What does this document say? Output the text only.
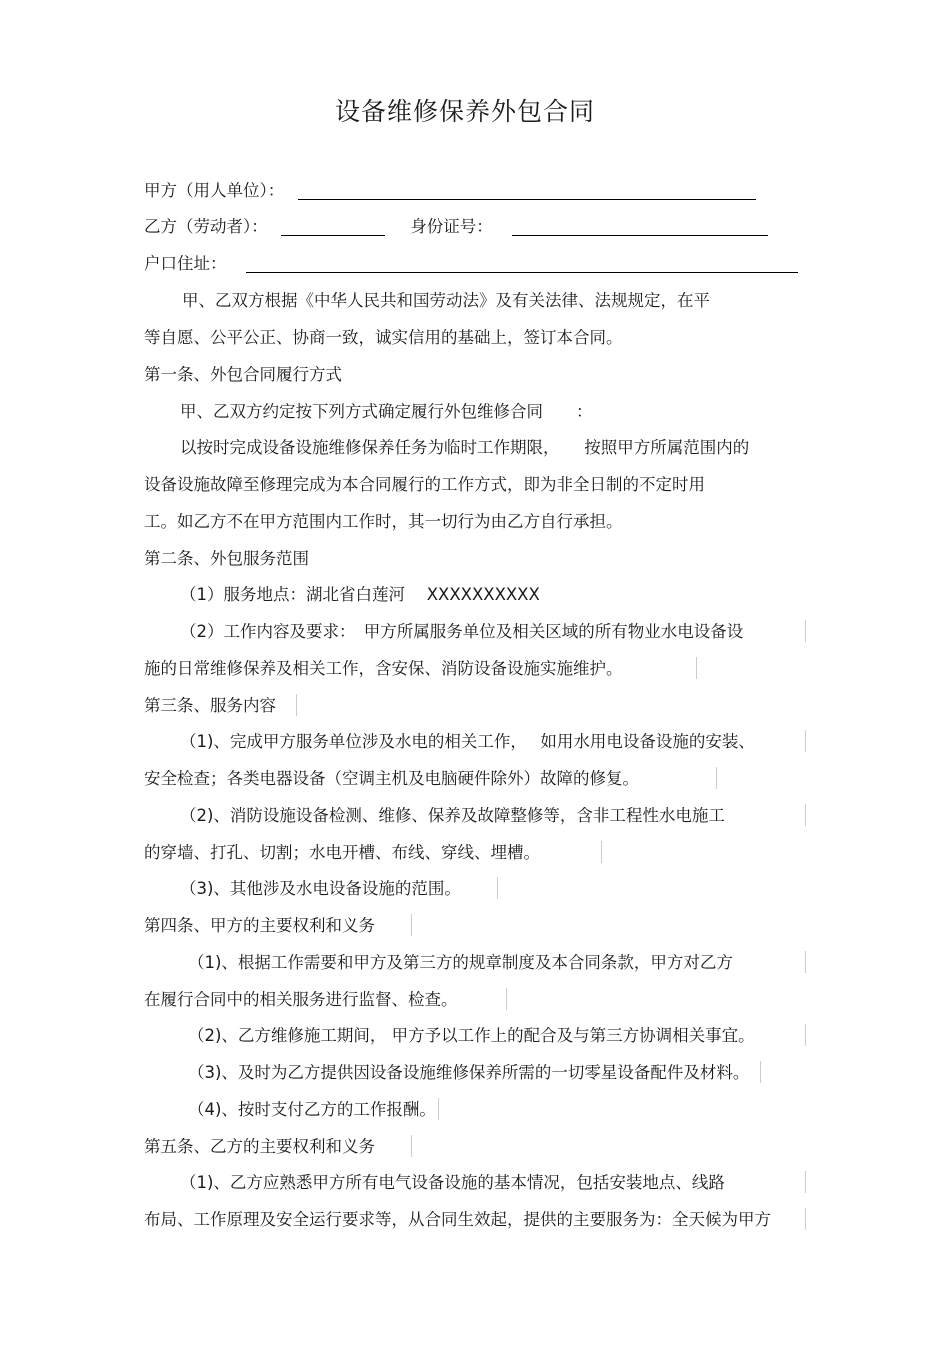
设备维修保养外包合同
甲方（用人单位）：
乙方（劳动者）：	身份证号：
户口住址：
甲、乙双方根据《中华人民共和国劳动法》及有关法律、法规规定，在平
等自愿、公平公正、协商一致，诚实信用的基础上，签订本合同。
第一条、外包合同履行方式
甲、乙双方约定按下列方式确定履行外包维修合同　　：
以按时完成设备设施维修保养任务为临时工作期限，　　按照甲方所属范围内的
设备设施故障至修理完成为本合同履行的工作方式，即为非全日制的不定时用
工。如乙方不在甲方范围内工作时，其一切行为由乙方自行承担。
第二条、外包服务范围
（1）服务地点：湖北省白莲河　 XXXXXXXXXX
（2）工作内容及要求：　甲方所属服务单位及相关区域的所有物业水电设备设
施的日常维修保养及相关工作，含安保、消防设备设施实施维护。
第三条、服务内容
（1)、完成甲方服务单位涉及水电的相关工作，　 如用水用电设备设施的安装、
安全检查；各类电器设备（空调主机及电脑硬件除外）故障的修复。
（2)、消防设施设备检测、维修、保养及故障整修等，含非工程性水电施工
的穿墙、打孔、切割；水电开槽、布线、穿线、埋槽。
（3)、其他涉及水电设备设施的范围。
第四条、甲方的主要权利和义务
（1)、根据工作需要和甲方及第三方的规章制度及本合同条款，甲方对乙方
在履行合同中的相关服务进行监督、检查。
（2)、乙方维修施工期间， 甲方予以工作上的配合及与第三方协调相关事宜。
（3)、及时为乙方提供因设备设施维修保养所需的一切零星设备配件及材料。
（4)、按时支付乙方的工作报酬。
第五条、乙方的主要权利和义务
（1)、乙方应熟悉甲方所有电气设备设施的基本情况，包括安装地点、线路
布局、工作原理及安全运行要求等，从合同生效起，提供的主要服务为：全天候为甲方
